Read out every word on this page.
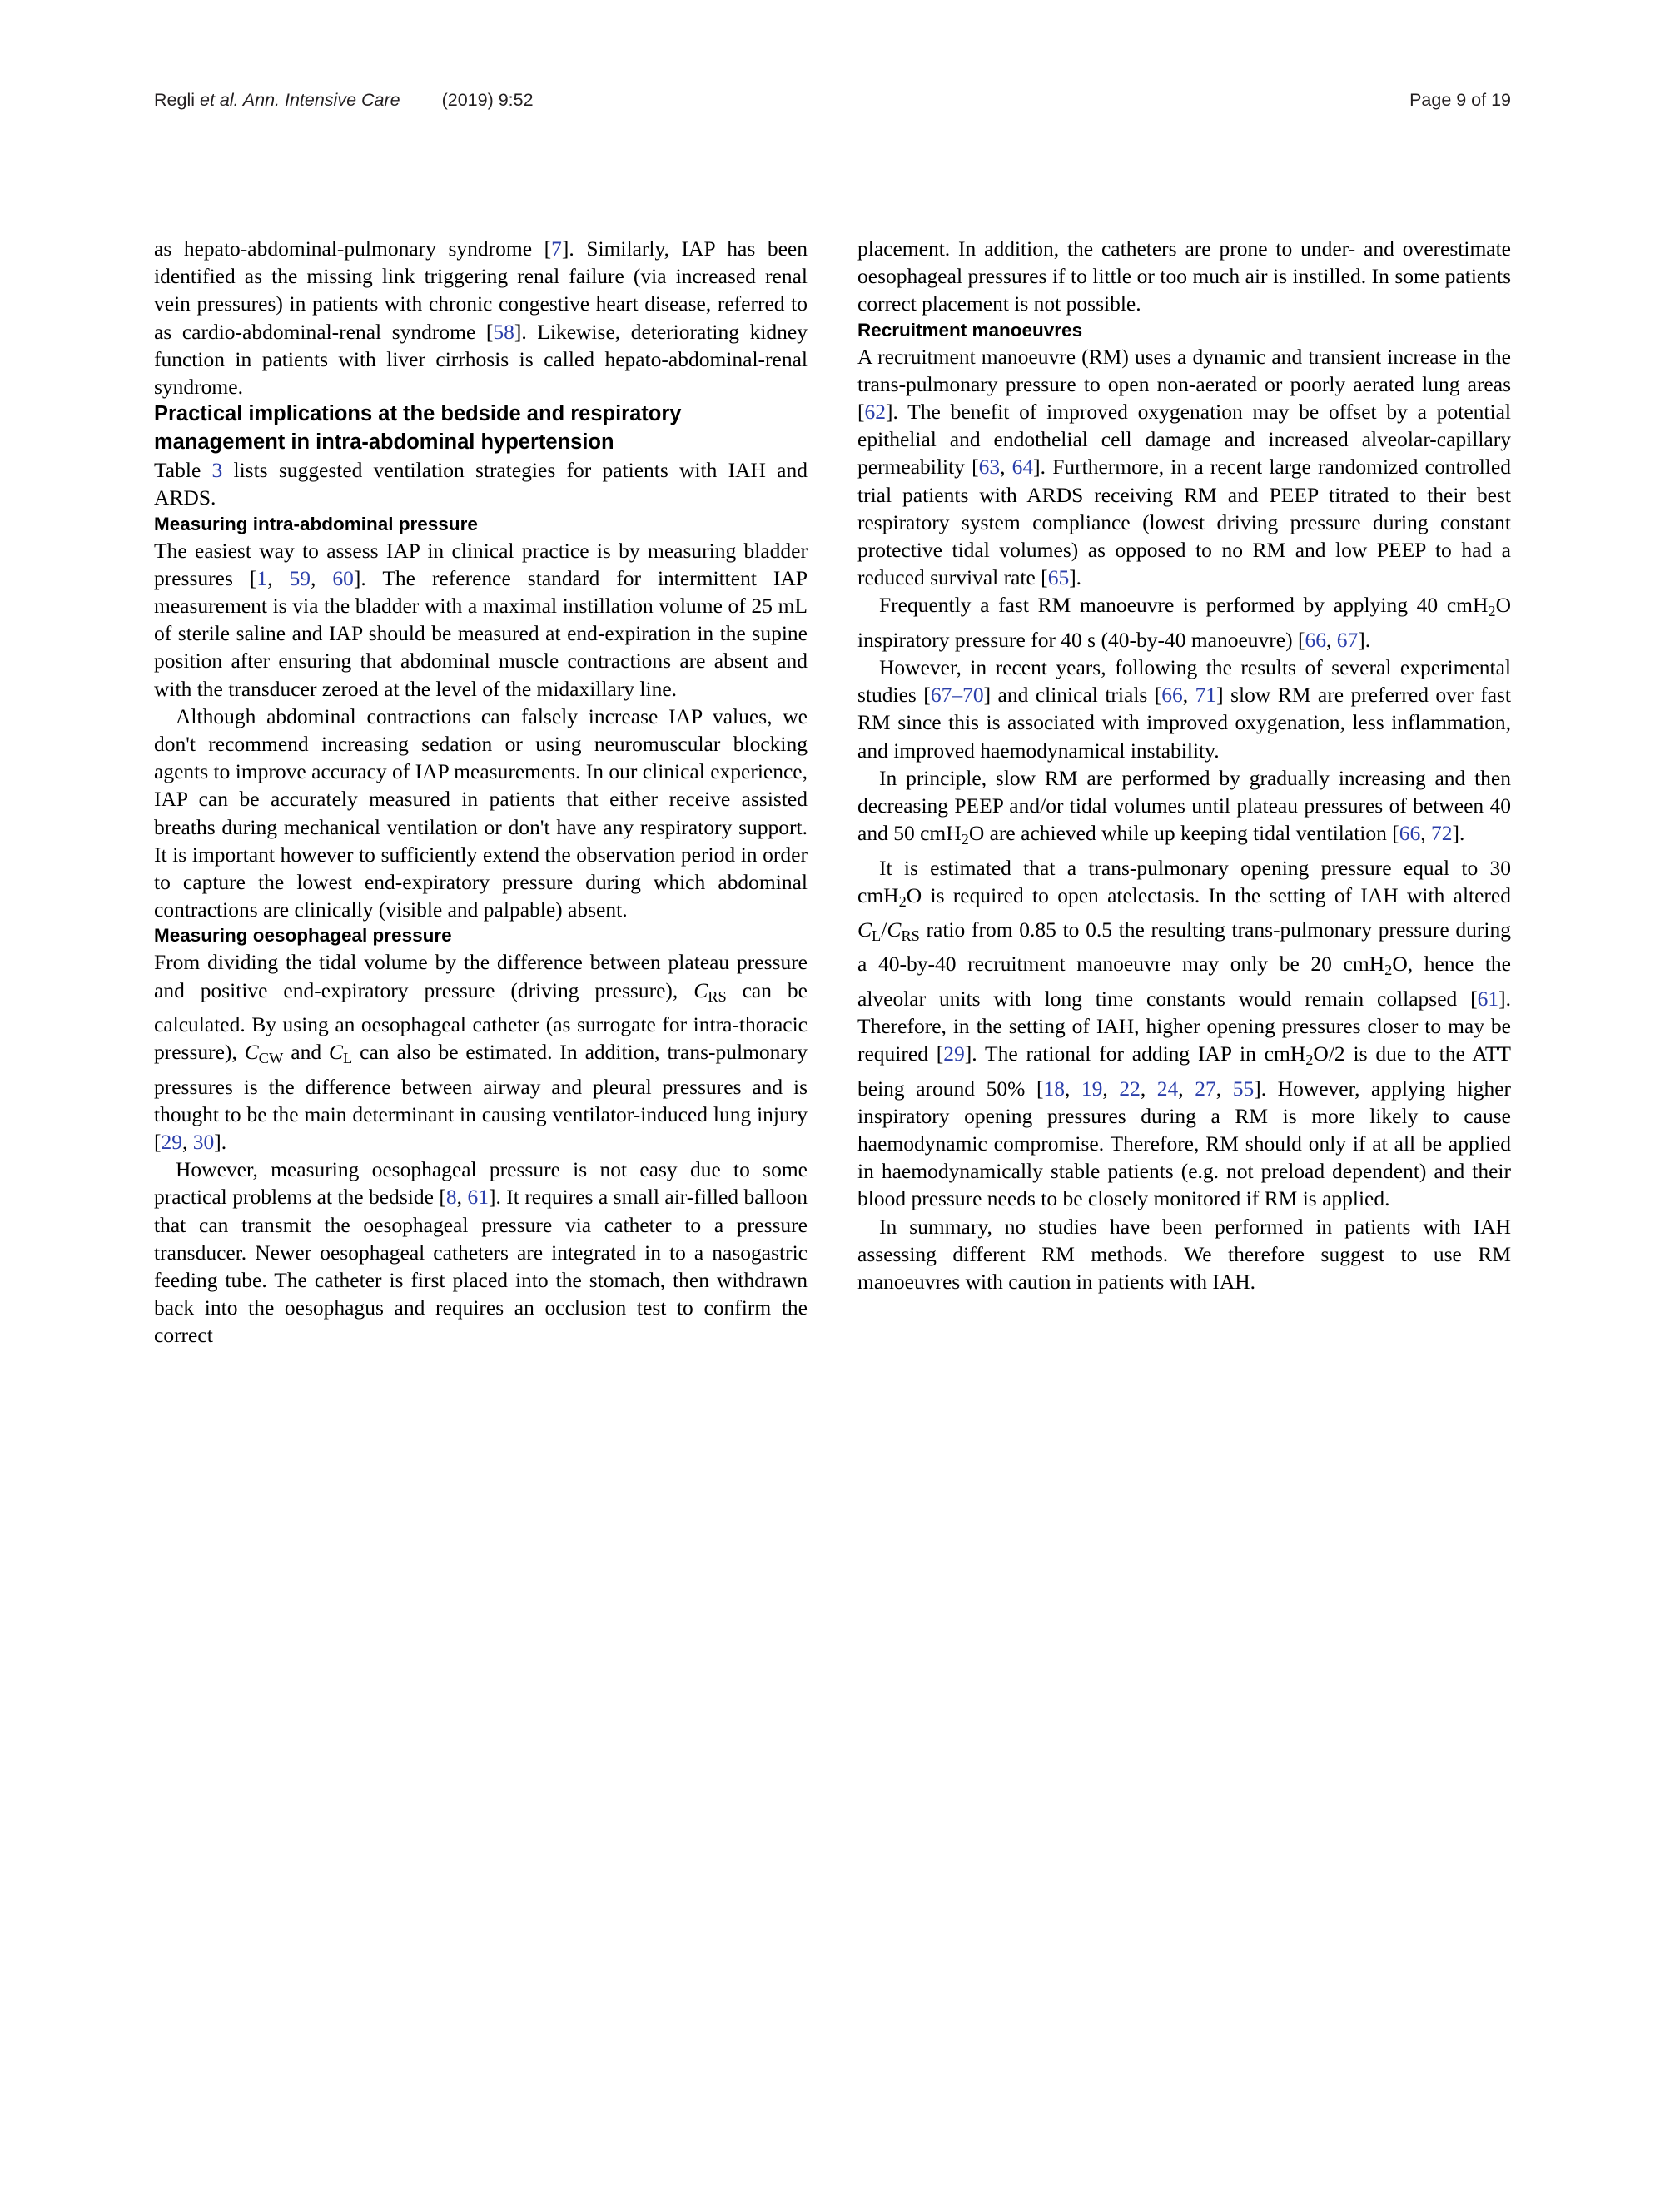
Regli et al. Ann. Intensive Care (2019) 9:52	Page 9 of 19

as hepato-abdominal-pulmonary syndrome [7]. Similarly, IAP has been identified as the missing link triggering renal failure (via increased renal vein pressures) in patients with chronic congestive heart disease, referred to as cardio-abdominal-renal syndrome [58]. Likewise, deteriorating kidney function in patients with liver cirrhosis is called hepato-abdominal-renal syndrome.

Practical implications at the bedside and respiratory management in intra-abdominal hypertension

Table 3 lists suggested ventilation strategies for patients with IAH and ARDS.

Measuring intra-abdominal pressure

The easiest way to assess IAP in clinical practice is by measuring bladder pressures [1, 59, 60]. The reference standard for intermittent IAP measurement is via the bladder with a maximal instillation volume of 25 mL of sterile saline and IAP should be measured at end-expiration in the supine position after ensuring that abdominal muscle contractions are absent and with the transducer zeroed at the level of the midaxillary line.

Although abdominal contractions can falsely increase IAP values, we don't recommend increasing sedation or using neuromuscular blocking agents to improve accuracy of IAP measurements. In our clinical experience, IAP can be accurately measured in patients that either receive assisted breaths during mechanical ventilation or don't have any respiratory support. It is important however to sufficiently extend the observation period in order to capture the lowest end-expiratory pressure during which abdominal contractions are clinically (visible and palpable) absent.

Measuring oesophageal pressure

From dividing the tidal volume by the difference between plateau pressure and positive end-expiratory pressure (driving pressure), $C_{RS}$ can be calculated. By using an oesophageal catheter (as surrogate for intra-thoracic pressure), $C_{CW}$ and $C_L$ can also be estimated. In addition, trans-pulmonary pressures is the difference between airway and pleural pressures and is thought to be the main determinant in causing ventilator-induced lung injury [29, 30].

However, measuring oesophageal pressure is not easy due to some practical problems at the bedside [8, 61]. It requires a small air-filled balloon that can transmit the oesophageal pressure via catheter to a pressure transducer. Newer oesophageal catheters are integrated in to a nasogastric feeding tube. The catheter is first placed into the stomach, then withdrawn back into the oesophagus and requires an occlusion test to confirm the correct

placement. In addition, the catheters are prone to under- and overestimate oesophageal pressures if to little or too much air is instilled. In some patients correct placement is not possible.

Recruitment manoeuvres

A recruitment manoeuvre (RM) uses a dynamic and transient increase in the trans-pulmonary pressure to open non-aerated or poorly aerated lung areas [62]. The benefit of improved oxygenation may be offset by a potential epithelial and endothelial cell damage and increased alveolar-capillary permeability [63, 64]. Furthermore, in a recent large randomized controlled trial patients with ARDS receiving RM and PEEP titrated to their best respiratory system compliance (lowest driving pressure during constant protective tidal volumes) as opposed to no RM and low PEEP to had a reduced survival rate [65].

Frequently a fast RM manoeuvre is performed by applying 40 cmH$_2$O inspiratory pressure for 40 s (40-by-40 manoeuvre) [66, 67].

However, in recent years, following the results of several experimental studies [67–70] and clinical trials [66, 71] slow RM are preferred over fast RM since this is associated with improved oxygenation, less inflammation, and improved haemodynamical instability.

In principle, slow RM are performed by gradually increasing and then decreasing PEEP and/or tidal volumes until plateau pressures of between 40 and 50 cmH$_2$O are achieved while up keeping tidal ventilation [66, 72].

It is estimated that a trans-pulmonary opening pressure equal to 30 cmH$_2$O is required to open atelectasis. In the setting of IAH with altered $C_L/C_{RS}$ ratio from 0.85 to 0.5 the resulting trans-pulmonary pressure during a 40-by-40 recruitment manoeuvre may only be 20 cmH$_2$O, hence the alveolar units with long time constants would remain collapsed [61]. Therefore, in the setting of IAH, higher opening pressures closer to may be required [29]. The rational for adding IAP in cmH$_2$O/2 is due to the ATT being around 50% [18, 19, 22, 24, 27, 55]. However, applying higher inspiratory opening pressures during a RM is more likely to cause haemodynamic compromise. Therefore, RM should only if at all be applied in haemodynamically stable patients (e.g. not preload dependent) and their blood pressure needs to be closely monitored if RM is applied.

In summary, no studies have been performed in patients with IAH assessing different RM methods. We therefore suggest to use RM manoeuvres with caution in patients with IAH.
